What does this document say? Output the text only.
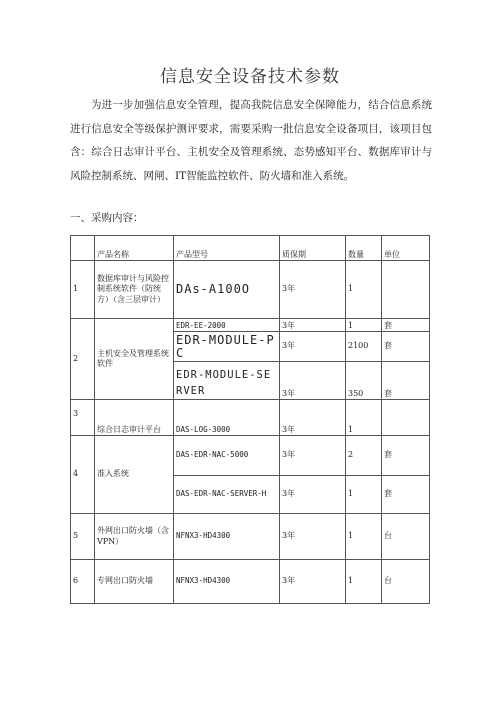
信息安全设备技术参数
为进一步加强信息安全管理，提高我院信息安全保障能力，结合信息系统进行信息安全等级保护测评要求，需要采购一批信息安全设备项目，该项目包含：综合日志审计平台、主机安全及管理系统、态势感知平台、数据库审计与风险控制系统、网闸、IT智能监控软件、防火墙和准入系统。
一、采购内容：
	产品名称	产品型号	质保期	数量	单位
1	数据库审计与风险控制系统软件（防统方）（含三层审计）	DAs-A100O	3年	1	
2	主机安全及管理系统软件	EDR-EE-2000	3年	1	套
		EDR-MODULE-PC	3年	2100	套
		EDR-MODULE-SERVER	3年	350	套
3	综合日志审计平台	DAS-LOG-3000	3年	1	
4	准入系统	DAS-EDR-NAC-5000	3年	2	套
		DAS-EDR-NAC-SERVER-H	3年	1	套
5	外网出口防火墙（含VPN）	NFNX3-HD4300	3年	1	台
6	专网出口防火墙	NFNX3-HD4300	3年	1	台
